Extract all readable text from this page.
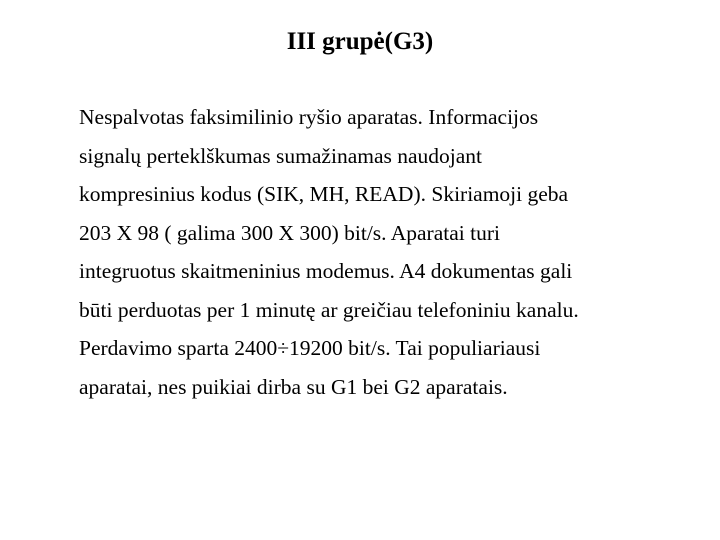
III grupė(G3)
Nespalvotas faksimilinio ryšio aparatas. Informacijos
signalų perteklškumas sumažinamas naudojant
kompresinius kodus (SIK, MH, READ). Skiriamoji geba
203 X 98 ( galima 300 X 300) bit/s. Aparatai turi
integruotus skaitmeninius modemus. A4 dokumentas gali
būti perduotas per 1 minutę ar greičiau telefoniniu kanalu.
Perdavimo sparta 2400÷19200 bit/s. Tai populiariausi
aparatai, nes puikiai dirba su G1 bei G2 aparatais.
